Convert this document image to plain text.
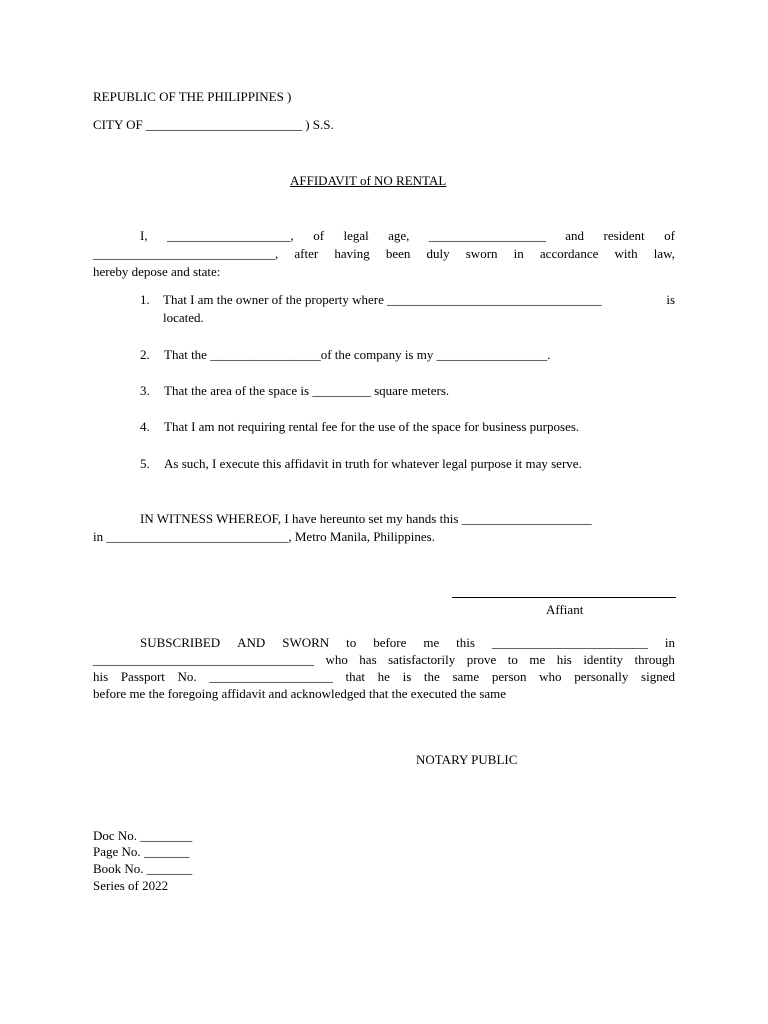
REPUBLIC OF THE PHILIPPINES )
CITY OF ________________________ ) S.S.
AFFIDAVIT of NO RENTAL
I, ___________________, of legal age, __________________ and resident of
____________________________, after having been duly sworn in accordance with law,
hereby depose and state:
1. That I am the owner of the property where _________________________________	is
located.
2. That the _________________of the company is my _________________.
3. That the area of the space is _________ square meters.
4. That I am not requiring rental fee for the use of the space for business purposes.
5. As such, I execute this affidavit in truth for whatever legal purpose it may serve.
IN WITNESS WHEREOF, I have hereunto set my hands this ____________________
in ____________________________, Metro Manila, Philippines.
Affiant
SUBSCRIBED AND SWORN to before me this ________________________ in
__________________________________ who has satisfactorily prove to me his identity through
his Passport No. ___________________ that he is the same person who personally signed
before me the foregoing affidavit and acknowledged that the executed the same
NOTARY PUBLIC
Doc No. ________
Page No. _______
Book No. _______
Series of 2022
